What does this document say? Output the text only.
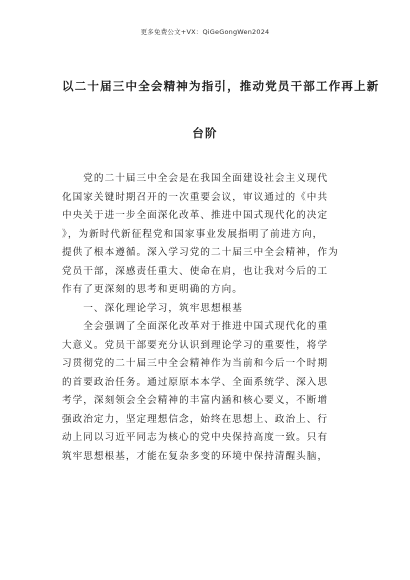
更多免费公文+VX：QiGeGongWen2024
以二十届三中全会精神为指引，推动党员干部工作再上新
台阶
　　党的二十届三中全会是在我国全面建设社会主义现代
化国家关键时期召开的一次重要会议，审议通过的《中共
中央关于进一步全面深化改革、推进中国式现代化的决定
》，为新时代新征程党和国家事业发展指明了前进方向，
提供了根本遵循。深入学习党的二十届三中全会精神，作为
党员干部，深感责任重大、使命在肩，也让我对今后的工
作有了更深刻的思考和更明确的方向。
　　一、深化理论学习，筑牢思想根基
　　全会强调了全面深化改革对于推进中国式现代化的重
大意义。党员干部要充分认识到理论学习的重要性，将学
习贯彻党的二十届三中全会精神作为当前和今后一个时期
的首要政治任务。通过原原本本学、全面系统学、深入思
考学，深刻领会全会精神的丰富内涵和核心要义，不断增
强政治定力，坚定理想信念，始终在思想上、政治上、行
动上同以习近平同志为核心的党中央保持高度一致。只有
筑牢思想根基，才能在复杂多变的环境中保持清醒头脑，
